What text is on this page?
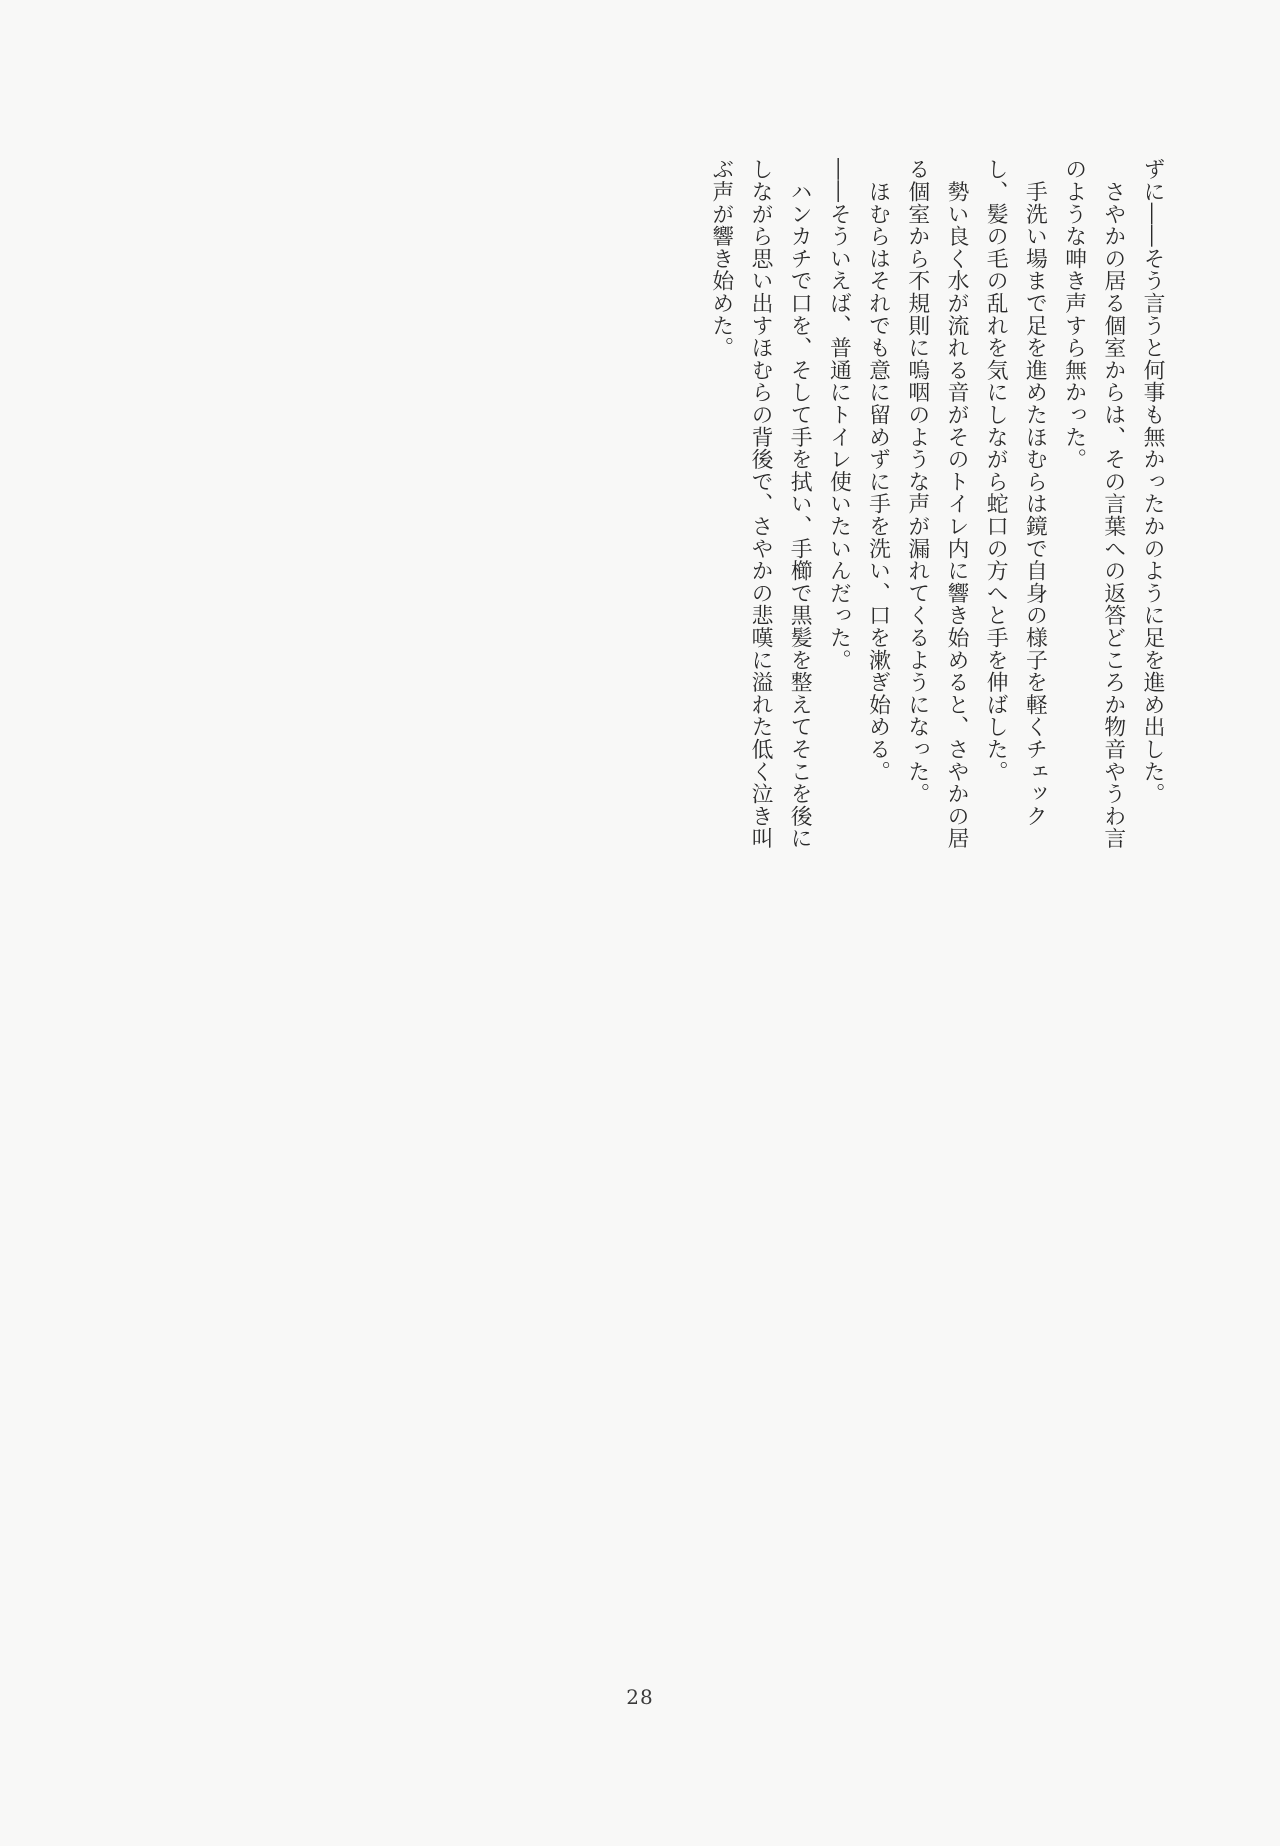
ずに――そう言うと何事も無かったかのように足を進め出した。

　さやかの居る個室からは、その言葉への返答どころか物音やうわ言

のような呻き声すら無かった。

　手洗い場まで足を進めたほむらは鏡で自身の様子を軽くチェック

し、髪の毛の乱れを気にしながら蛇口の方へと手を伸ばした。

　勢い良く水が流れる音がそのトイレ内に響き始めると、さやかの居

る個室から不規則に嗚咽のような声が漏れてくるようになった。

　ほむらはそれでも意に留めずに手を洗い、口を漱ぎ始める。

――そういえば、普通にトイレ使いたいんだった。

　ハンカチで口を、そして手を拭い、手櫛で黒髪を整えてそこを後に

しながら思い出すほむらの背後で、さやかの悲嘆に溢れた低く泣き叫

ぶ声が響き始めた。

28
